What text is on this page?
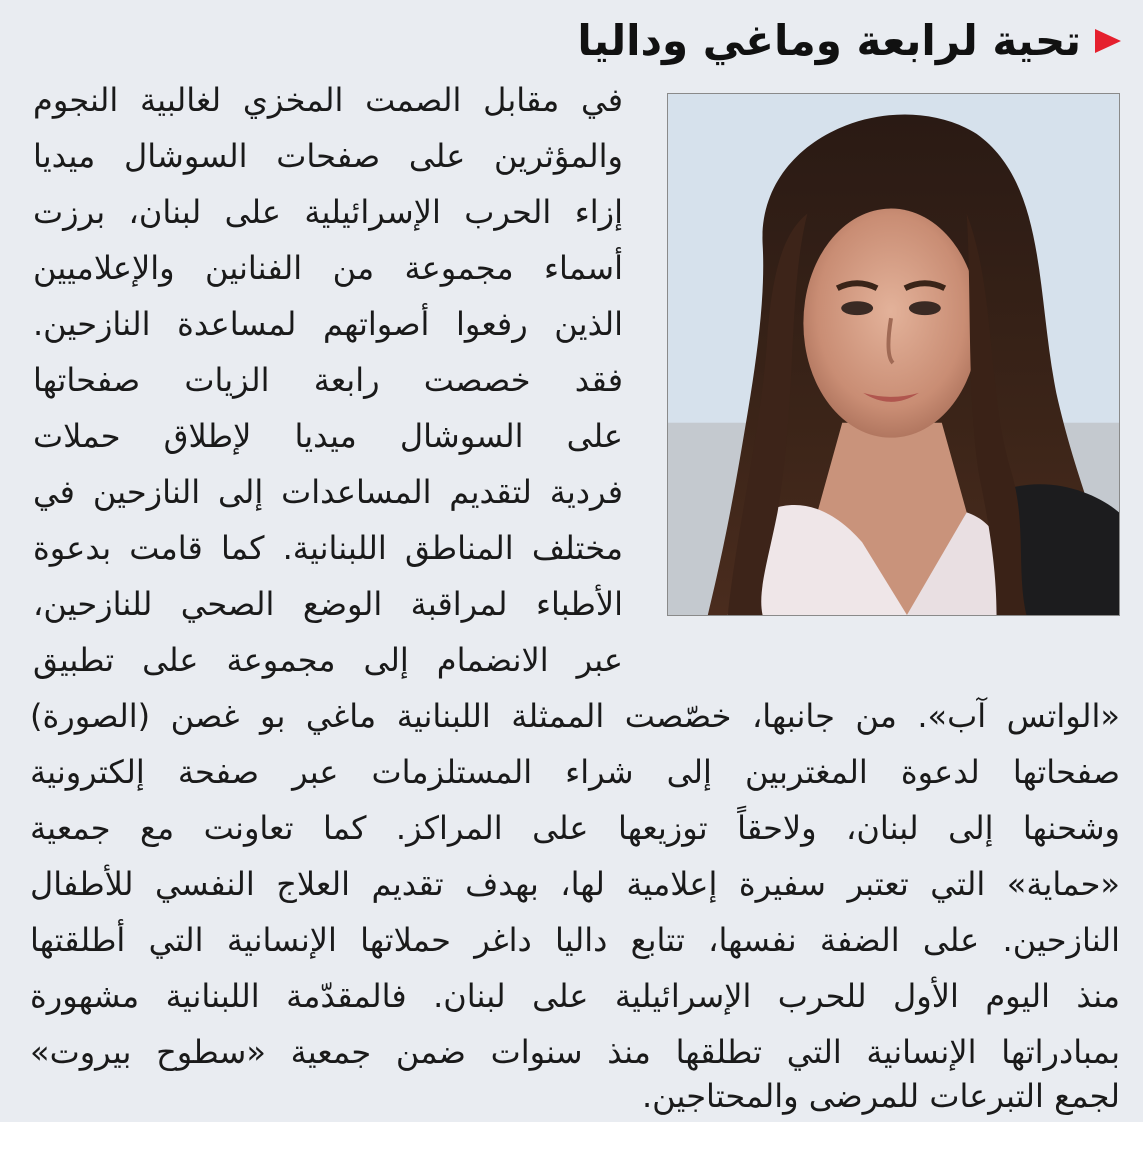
تحية لرابعة وماغي وداليا

في مقابل الصمت المخزي لغالبية النجوم

والمؤثرين على صفحات السوشال ميديا

إزاء الحرب الإسرائيلية على لبنان، برزت

أسماء مجموعة من الفنانين والإعلاميين

الذين رفعوا أصواتهم لمساعدة النازحين.

فقد خصصت رابعة الزيات صفحاتها

على السوشال ميديا لإطلاق حملات

فردية لتقديم المساعدات إلى النازحين في

مختلف المناطق اللبنانية. كما قامت بدعوة

الأطباء لمراقبة الوضع الصحي للنازحين،

عبر الانضمام إلى مجموعة على تطبيق

«الواتس آب». من جانبها، خصّصت الممثلة اللبنانية ماغي بو غصن (الصورة)

صفحاتها لدعوة المغتربين إلى شراء المستلزمات عبر صفحة إلكترونية

وشحنها إلى لبنان، ولاحقاً توزيعها على المراكز. كما تعاونت مع جمعية

«حماية» التي تعتبر سفيرة إعلامية لها، بهدف تقديم العلاج النفسي للأطفال

النازحين. على الضفة نفسها، تتابع داليا داغر حملاتها الإنسانية التي أطلقتها

منذ اليوم الأول للحرب الإسرائيلية على لبنان. فالمقدّمة اللبنانية مشهورة

بمبادراتها الإنسانية التي تطلقها منذ سنوات ضمن جمعية «سطوح بيروت»

لجمع التبرعات للمرضى والمحتاجين.
